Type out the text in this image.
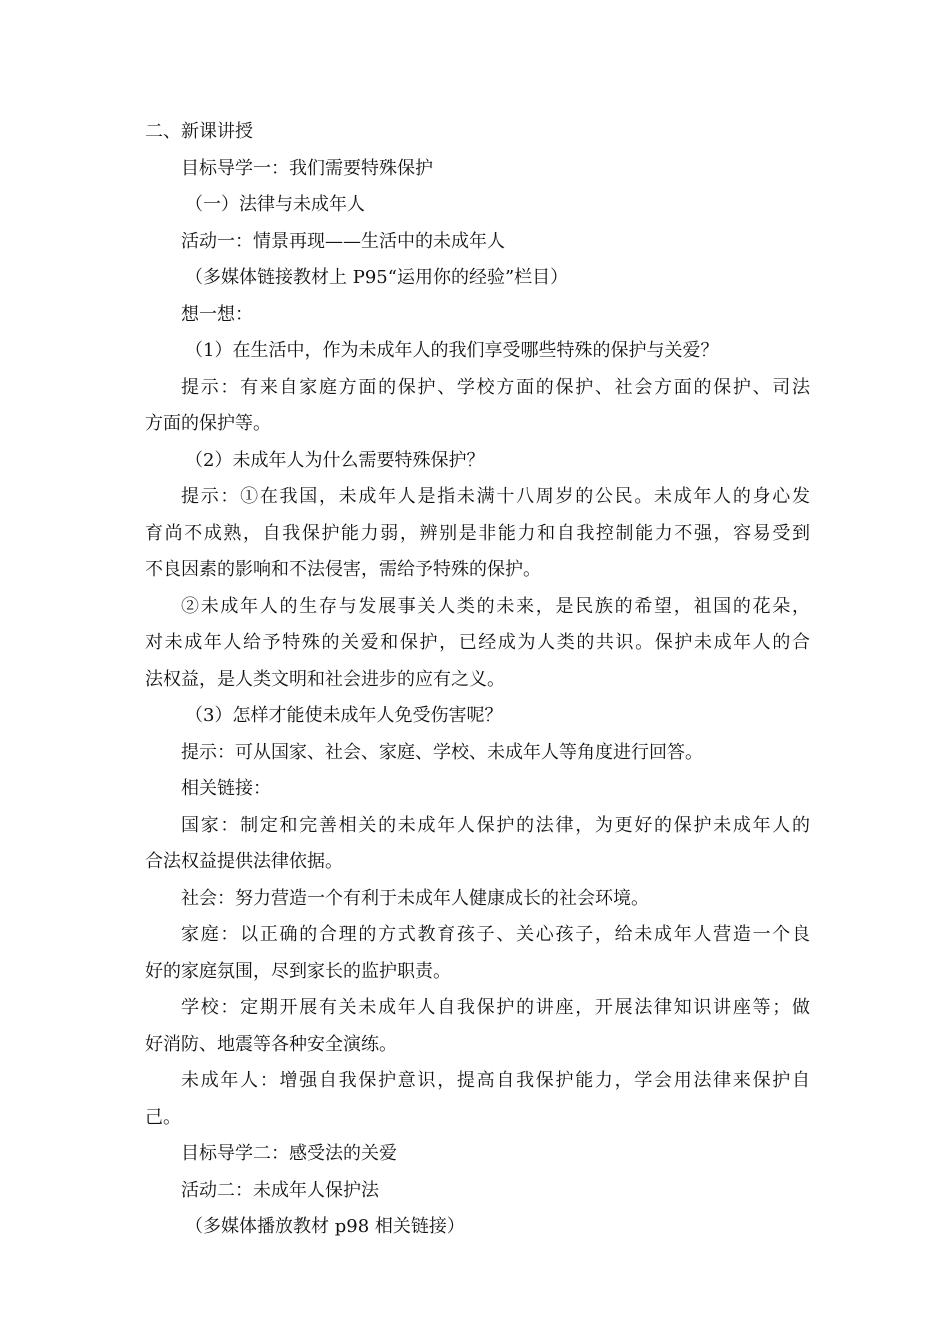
二、新课讲授

目标导学一：我们需要特殊保护

（一）法律与未成年人

活动一：情景再现——生活中的未成年人

（多媒体链接教材上 P95“运用你的经验”栏目）

想一想：

（1）在生活中，作为未成年人的我们享受哪些特殊的保护与关爱？

提示：有来自家庭方面的保护、学校方面的保护、社会方面的保护、司法

方面的保护等。

（2）未成年人为什么需要特殊保护？

提示：①在我国，未成年人是指未满十八周岁的公民。未成年人的身心发

育尚不成熟，自我保护能力弱，辨别是非能力和自我控制能力不强，容易受到

不良因素的影响和不法侵害，需给予特殊的保护。

②未成年人的生存与发展事关人类的未来，是民族的希望，祖国的花朵，

对未成年人给予特殊的关爱和保护，已经成为人类的共识。保护未成年人的合

法权益，是人类文明和社会进步的应有之义。

（3）怎样才能使未成年人免受伤害呢？

提示：可从国家、社会、家庭、学校、未成年人等角度进行回答。

相关链接：

国家：制定和完善相关的未成年人保护的法律，为更好的保护未成年人的

合法权益提供法律依据。

社会：努力营造一个有利于未成年人健康成长的社会环境。

家庭：以正确的合理的方式教育孩子、关心孩子，给未成年人营造一个良

好的家庭氛围，尽到家长的监护职责。

学校：定期开展有关未成年人自我保护的讲座，开展法律知识讲座等；做

好消防、地震等各种安全演练。

未成年人：增强自我保护意识，提高自我保护能力，学会用法律来保护自

己。

目标导学二：感受法的关爱

活动二：未成年人保护法

（多媒体播放教材 p98 相关链接）
